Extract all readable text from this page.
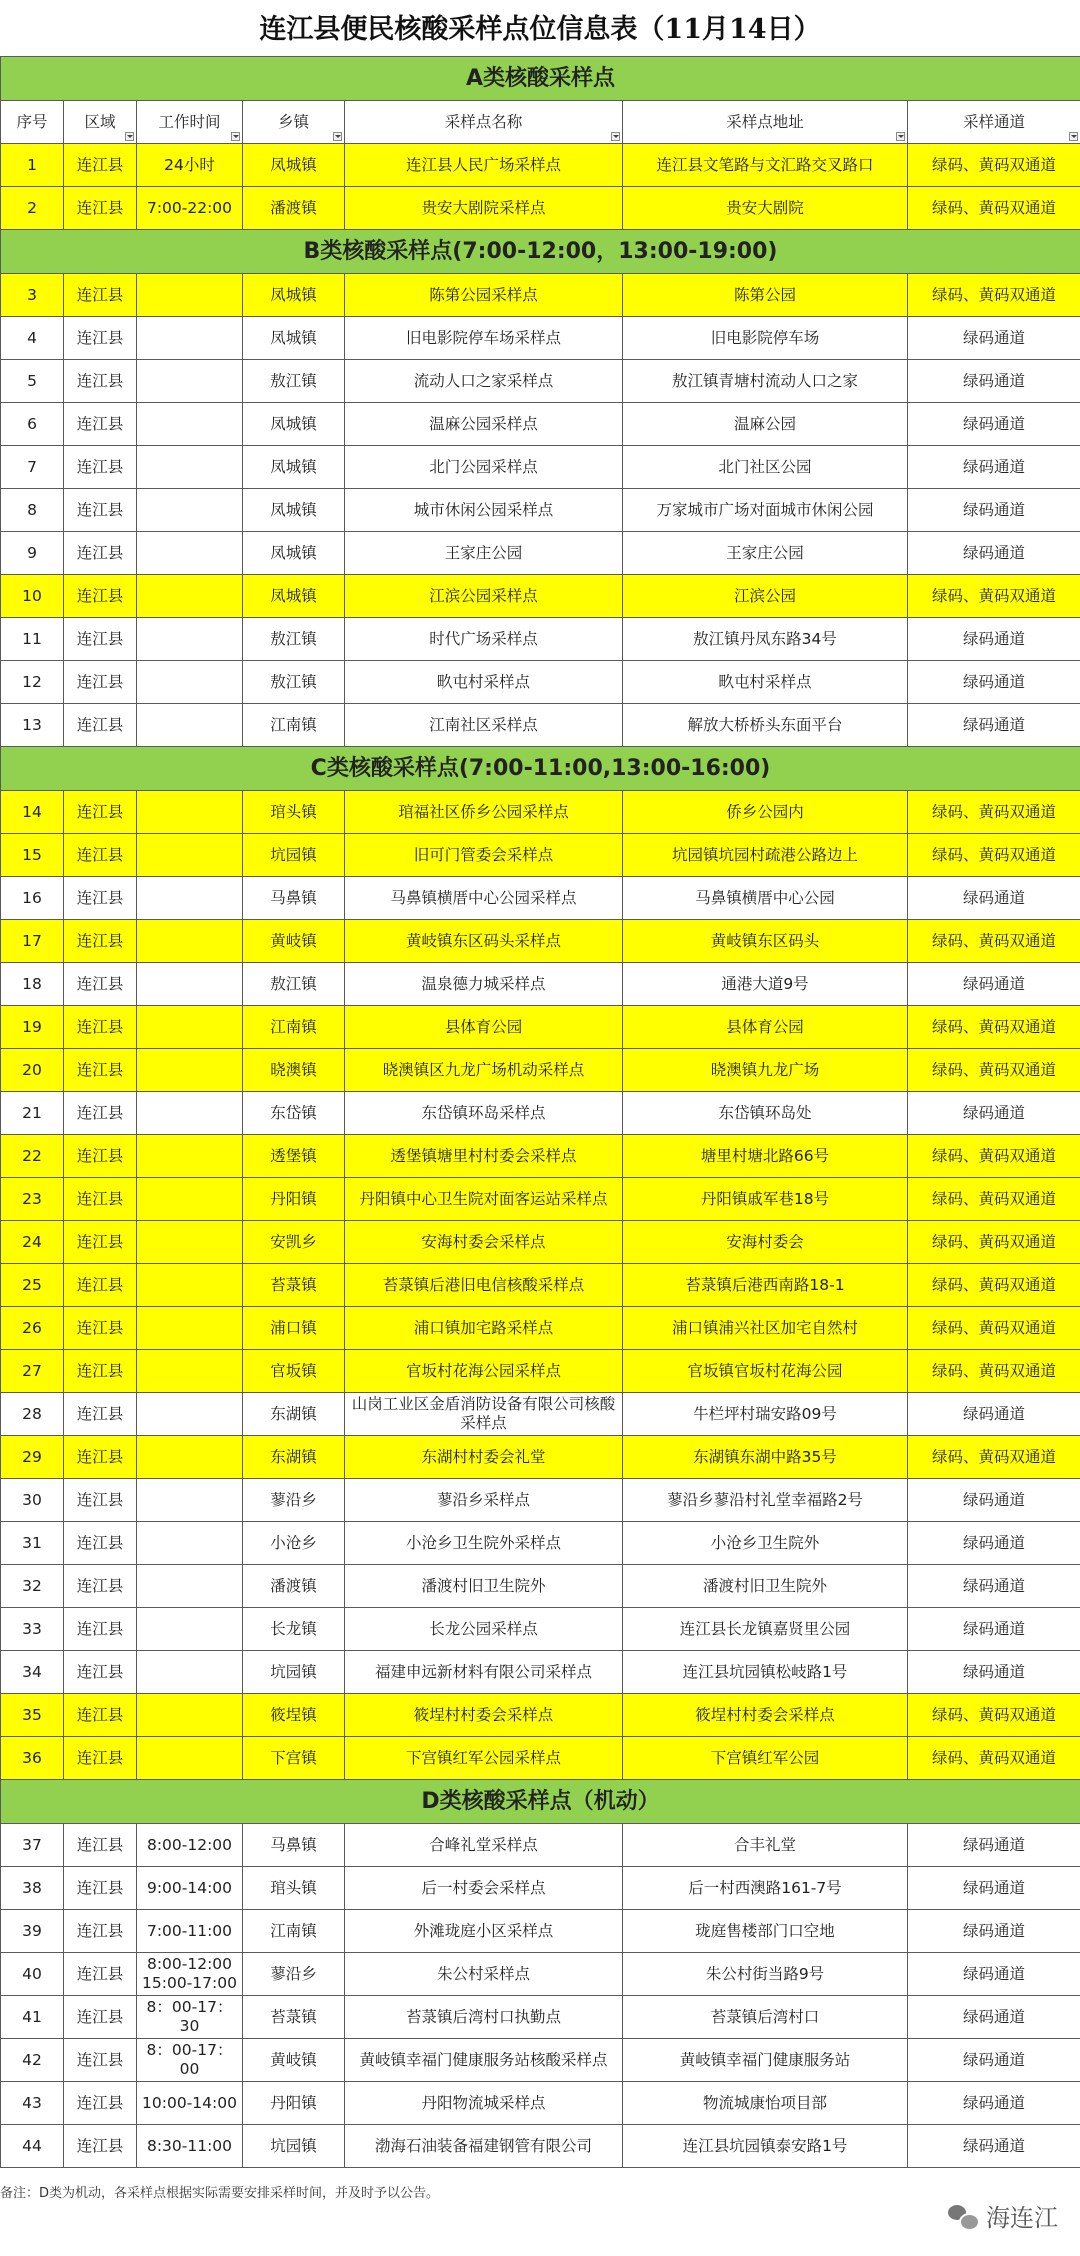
连江县便民核酸采样点位信息表（11月14日）
A类核酸采样点						
序号	区域	工作时间	乡镇	采样点名称	采样点地址	采样通道

1	连江县	24小时	凤城镇	连江县人民广场采样点	连江县文笔路与文汇路交叉路口	绿码、黄码双通道
2	连江县	7:00-22:00	潘渡镇	贵安大剧院采样点	贵安大剧院	绿码、黄码双通道
B类核酸采样点(7:00-12:00，13:00-19:00)						
3	连江县		凤城镇	陈第公园采样点	陈第公园	绿码、黄码双通道
4	连江县		凤城镇	旧电影院停车场采样点	旧电影院停车场	绿码通道
5	连江县		敖江镇	流动人口之家采样点	敖江镇青塘村流动人口之家	绿码通道
6	连江县		凤城镇	温麻公园采样点	温麻公园	绿码通道
7	连江县		凤城镇	北门公园采样点	北门社区公园	绿码通道
8	连江县		凤城镇	城市休闲公园采样点	万家城市广场对面城市休闲公园	绿码通道
9	连江县		凤城镇	王家庄公园	王家庄公园	绿码通道
10	连江县		凤城镇	江滨公园采样点	江滨公园	绿码、黄码双通道
11	连江县		敖江镇	时代广场采样点	敖江镇丹凤东路34号	绿码通道
12	连江县		敖江镇	畂屯村采样点	畂屯村采样点	绿码通道
13	连江县		江南镇	江南社区采样点	解放大桥桥头东面平台	绿码通道
C类核酸采样点(7:00-11:00,13:00-16:00)						
14	连江县		琯头镇	琯福社区侨乡公园采样点	侨乡公园内	绿码、黄码双通道
15	连江县		坑园镇	旧可门管委会采样点	坑园镇坑园村疏港公路边上	绿码、黄码双通道
16	连江县		马鼻镇	马鼻镇横厝中心公园采样点	马鼻镇横厝中心公园	绿码通道
17	连江县		黄岐镇	黄岐镇东区码头采样点	黄岐镇东区码头	绿码、黄码双通道
18	连江县		敖江镇	温泉德力城采样点	通港大道9号	绿码通道
19	连江县		江南镇	县体育公园	县体育公园	绿码、黄码双通道
20	连江县		晓澳镇	晓澳镇区九龙广场机动采样点	晓澳镇九龙广场	绿码、黄码双通道
21	连江县		东岱镇	东岱镇环岛采样点	东岱镇环岛处	绿码通道
22	连江县		透堡镇	透堡镇塘里村村委会采样点	塘里村塘北路66号	绿码、黄码双通道
23	连江县		丹阳镇	丹阳镇中心卫生院对面客运站采样点	丹阳镇戚军巷18号	绿码、黄码双通道
24	连江县		安凯乡	安海村委会采样点	安海村委会	绿码、黄码双通道
25	连江县		苔菉镇	苔菉镇后港旧电信核酸采样点	苔菉镇后港西南路18-1	绿码、黄码双通道
26	连江县		浦口镇	浦口镇加宅路采样点	浦口镇浦兴社区加宅自然村	绿码、黄码双通道
27	连江县		官坂镇	官坂村花海公园采样点	官坂镇官坂村花海公园	绿码、黄码双通道
28	连江县		东湖镇	山岗工业区金盾消防设备有限公司核酸采样点	牛栏坪村瑞安路09号	绿码通道
29	连江县		东湖镇	东湖村村委会礼堂	东湖镇东湖中路35号	绿码、黄码双通道
30	连江县		蓼沿乡	蓼沿乡采样点	蓼沿乡蓼沿村礼堂幸福路2号	绿码通道
31	连江县		小沧乡	小沧乡卫生院外采样点	小沧乡卫生院外	绿码通道
32	连江县		潘渡镇	潘渡村旧卫生院外	潘渡村旧卫生院外	绿码通道
33	连江县		长龙镇	长龙公园采样点	连江县长龙镇嘉贤里公园	绿码通道
34	连江县		坑园镇	福建申远新材料有限公司采样点	连江县坑园镇松岐路1号	绿码通道
35	连江县		筱埕镇	筱埕村村委会采样点	筱埕村村委会采样点	绿码、黄码双通道
36	连江县		下宫镇	下宫镇红军公园采样点	下宫镇红军公园	绿码、黄码双通道
D类核酸采样点（机动）						
37	连江县	8:00-12:00	马鼻镇	合峰礼堂采样点	合丰礼堂	绿码通道
38	连江县	9:00-14:00	琯头镇	后一村委会采样点	后一村西澳路161-7号	绿码通道
39	连江县	7:00-11:00	江南镇	外滩珑庭小区采样点	珑庭售楼部门口空地	绿码通道
40	连江县	8:00-12:00
15:00-17:00	蓼沿乡	朱公村采样点	朱公村街当路9号	绿码通道
41	连江县	8：00-17：30	苔菉镇	苔菉镇后湾村口执勤点	苔菉镇后湾村口	绿码通道
42	连江县	8：00-17：00	黄岐镇	黄岐镇幸福门健康服务站核酸采样点	黄岐镇幸福门健康服务站	绿码通道
43	连江县	10:00-14:00	丹阳镇	丹阳物流城采样点	物流城康怡项目部	绿码通道
44	连江县	8:30-11:00	坑园镇	渤海石油装备福建钢管有限公司	连江县坑园镇泰安路1号	绿码通道
备注：D类为机动，各采样点根据实际需要安排采样时间，并及时予以公告。
海连江
